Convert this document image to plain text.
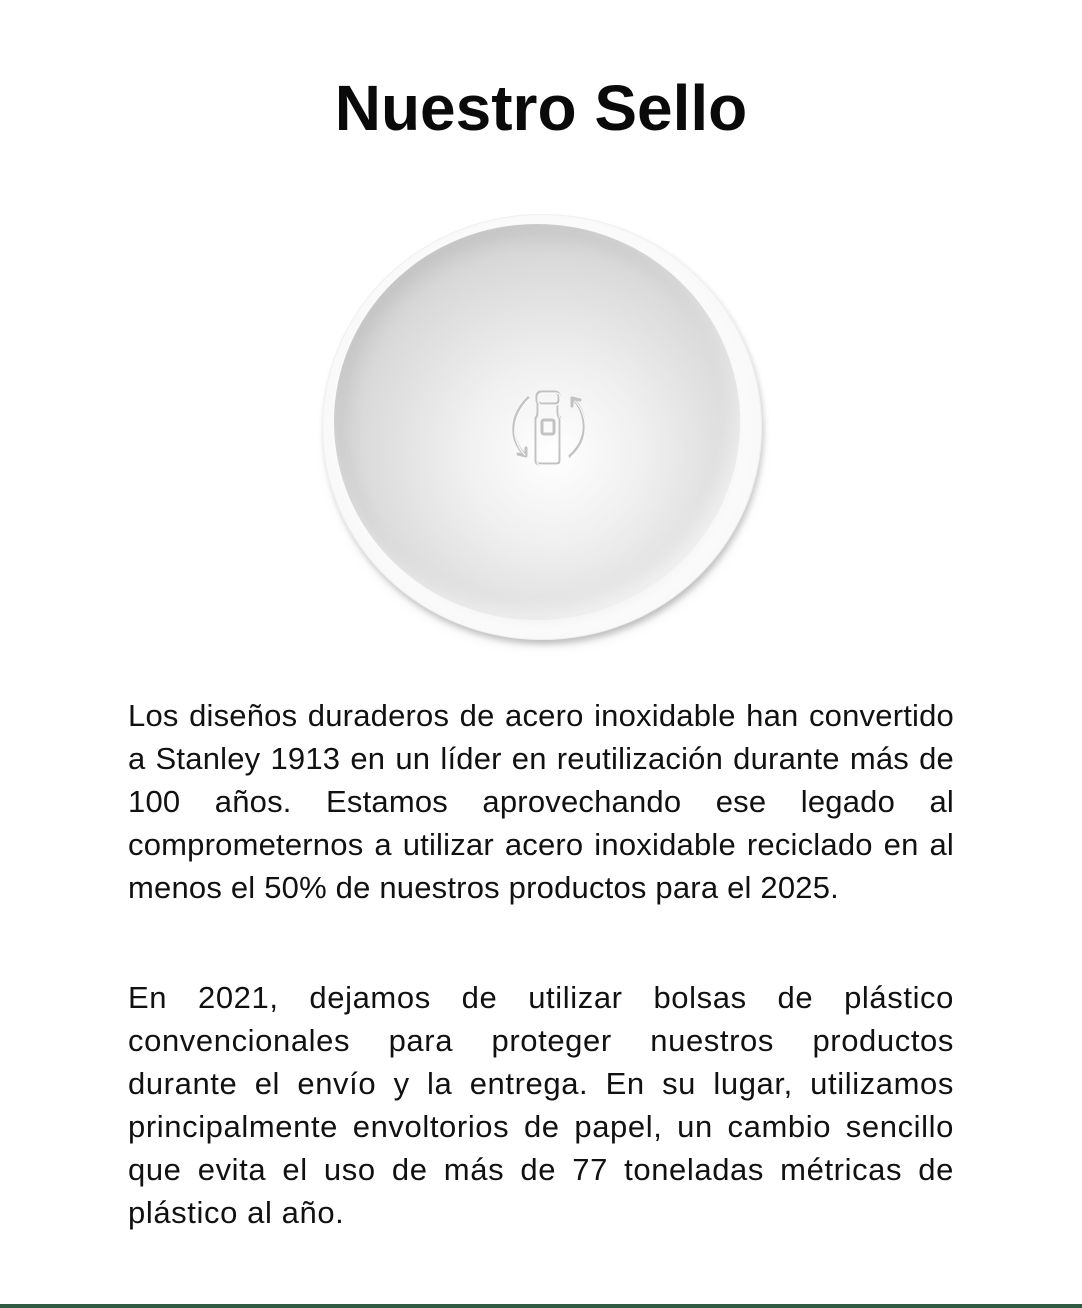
Nuestro Sello

Los diseños duraderos de acero inoxidable han convertido a Stanley 1913 en un líder en reutilización durante más de 100 años. Estamos aprovechando ese legado al comprometernos a utilizar acero inoxidable reciclado en al menos el 50% de nuestros productos para el 2025.

En 2021, dejamos de utilizar bolsas de plástico convencionales para proteger nuestros productos durante el envío y la entrega. En su lugar, utilizamos principalmente envoltorios de papel, un cambio sencillo que evita el uso de más de 77 toneladas métricas de plástico al año.
